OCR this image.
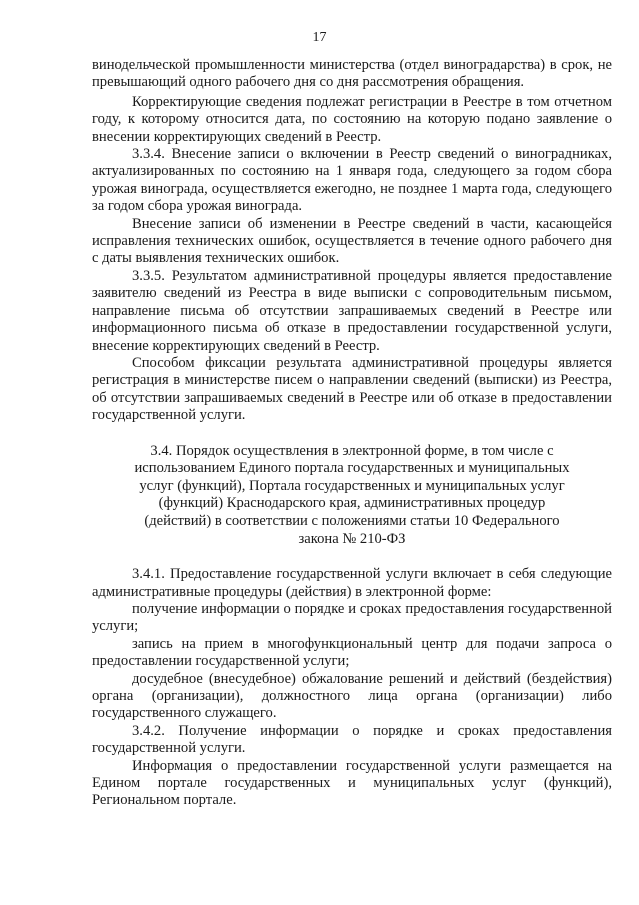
17

винодельческой промышленности министерства (отдел виноградарства) в срок, не превышающий одного рабочего дня со дня рассмотрения обращения.

Корректирующие сведения подлежат регистрации в Реестре в том отчетном году, к которому относится дата, по состоянию на которую подано заявление о внесении корректирующих сведений в Реестр.

3.3.4. Внесение записи о включении в Реестр сведений о виноградниках, актуализированных по состоянию на 1 января года, следующего за годом сбора урожая винограда, осуществляется ежегодно, не позднее 1 марта года, следующего за годом сбора урожая винограда.

Внесение записи об изменении в Реестре сведений в части, касающейся исправления технических ошибок, осуществляется в течение одного рабочего дня с даты выявления технических ошибок.

3.3.5. Результатом административной процедуры является предоставление заявителю сведений из Реестра в виде выписки с сопроводительным письмом, направление письма об отсутствии запрашиваемых сведений в Реестре или информационного письма об отказе в предоставлении государственной услуги, внесение корректирующих сведений в Реестр.

Способом фиксации результата административной процедуры является регистрация в министерстве писем о направлении сведений (выписки) из Реестра, об отсутствии запрашиваемых сведений в Реестре или об отказе в предоставлении государственной услуги.

3.4. Порядок осуществления в электронной форме, в том числе с использованием Единого портала государственных и муниципальных услуг (функций), Портала государственных и муниципальных услуг (функций) Краснодарского края, административных процедур (действий) в соответствии с положениями статьи 10 Федерального закона № 210-ФЗ

3.4.1. Предоставление государственной услуги включает в себя следующие административные процедуры (действия) в электронной форме:

получение информации о порядке и сроках предоставления государственной услуги;

запись на прием в многофункциональный центр для подачи запроса о предоставлении государственной услуги;

досудебное (внесудебное) обжалование решений и действий (бездействия) органа (организации), должностного лица органа (организации) либо государственного служащего.

3.4.2. Получение информации о порядке и сроках предоставления государственной услуги.

Информация о предоставлении государственной услуги размещается на Едином портале государственных и муниципальных услуг (функций), Региональном портале.
